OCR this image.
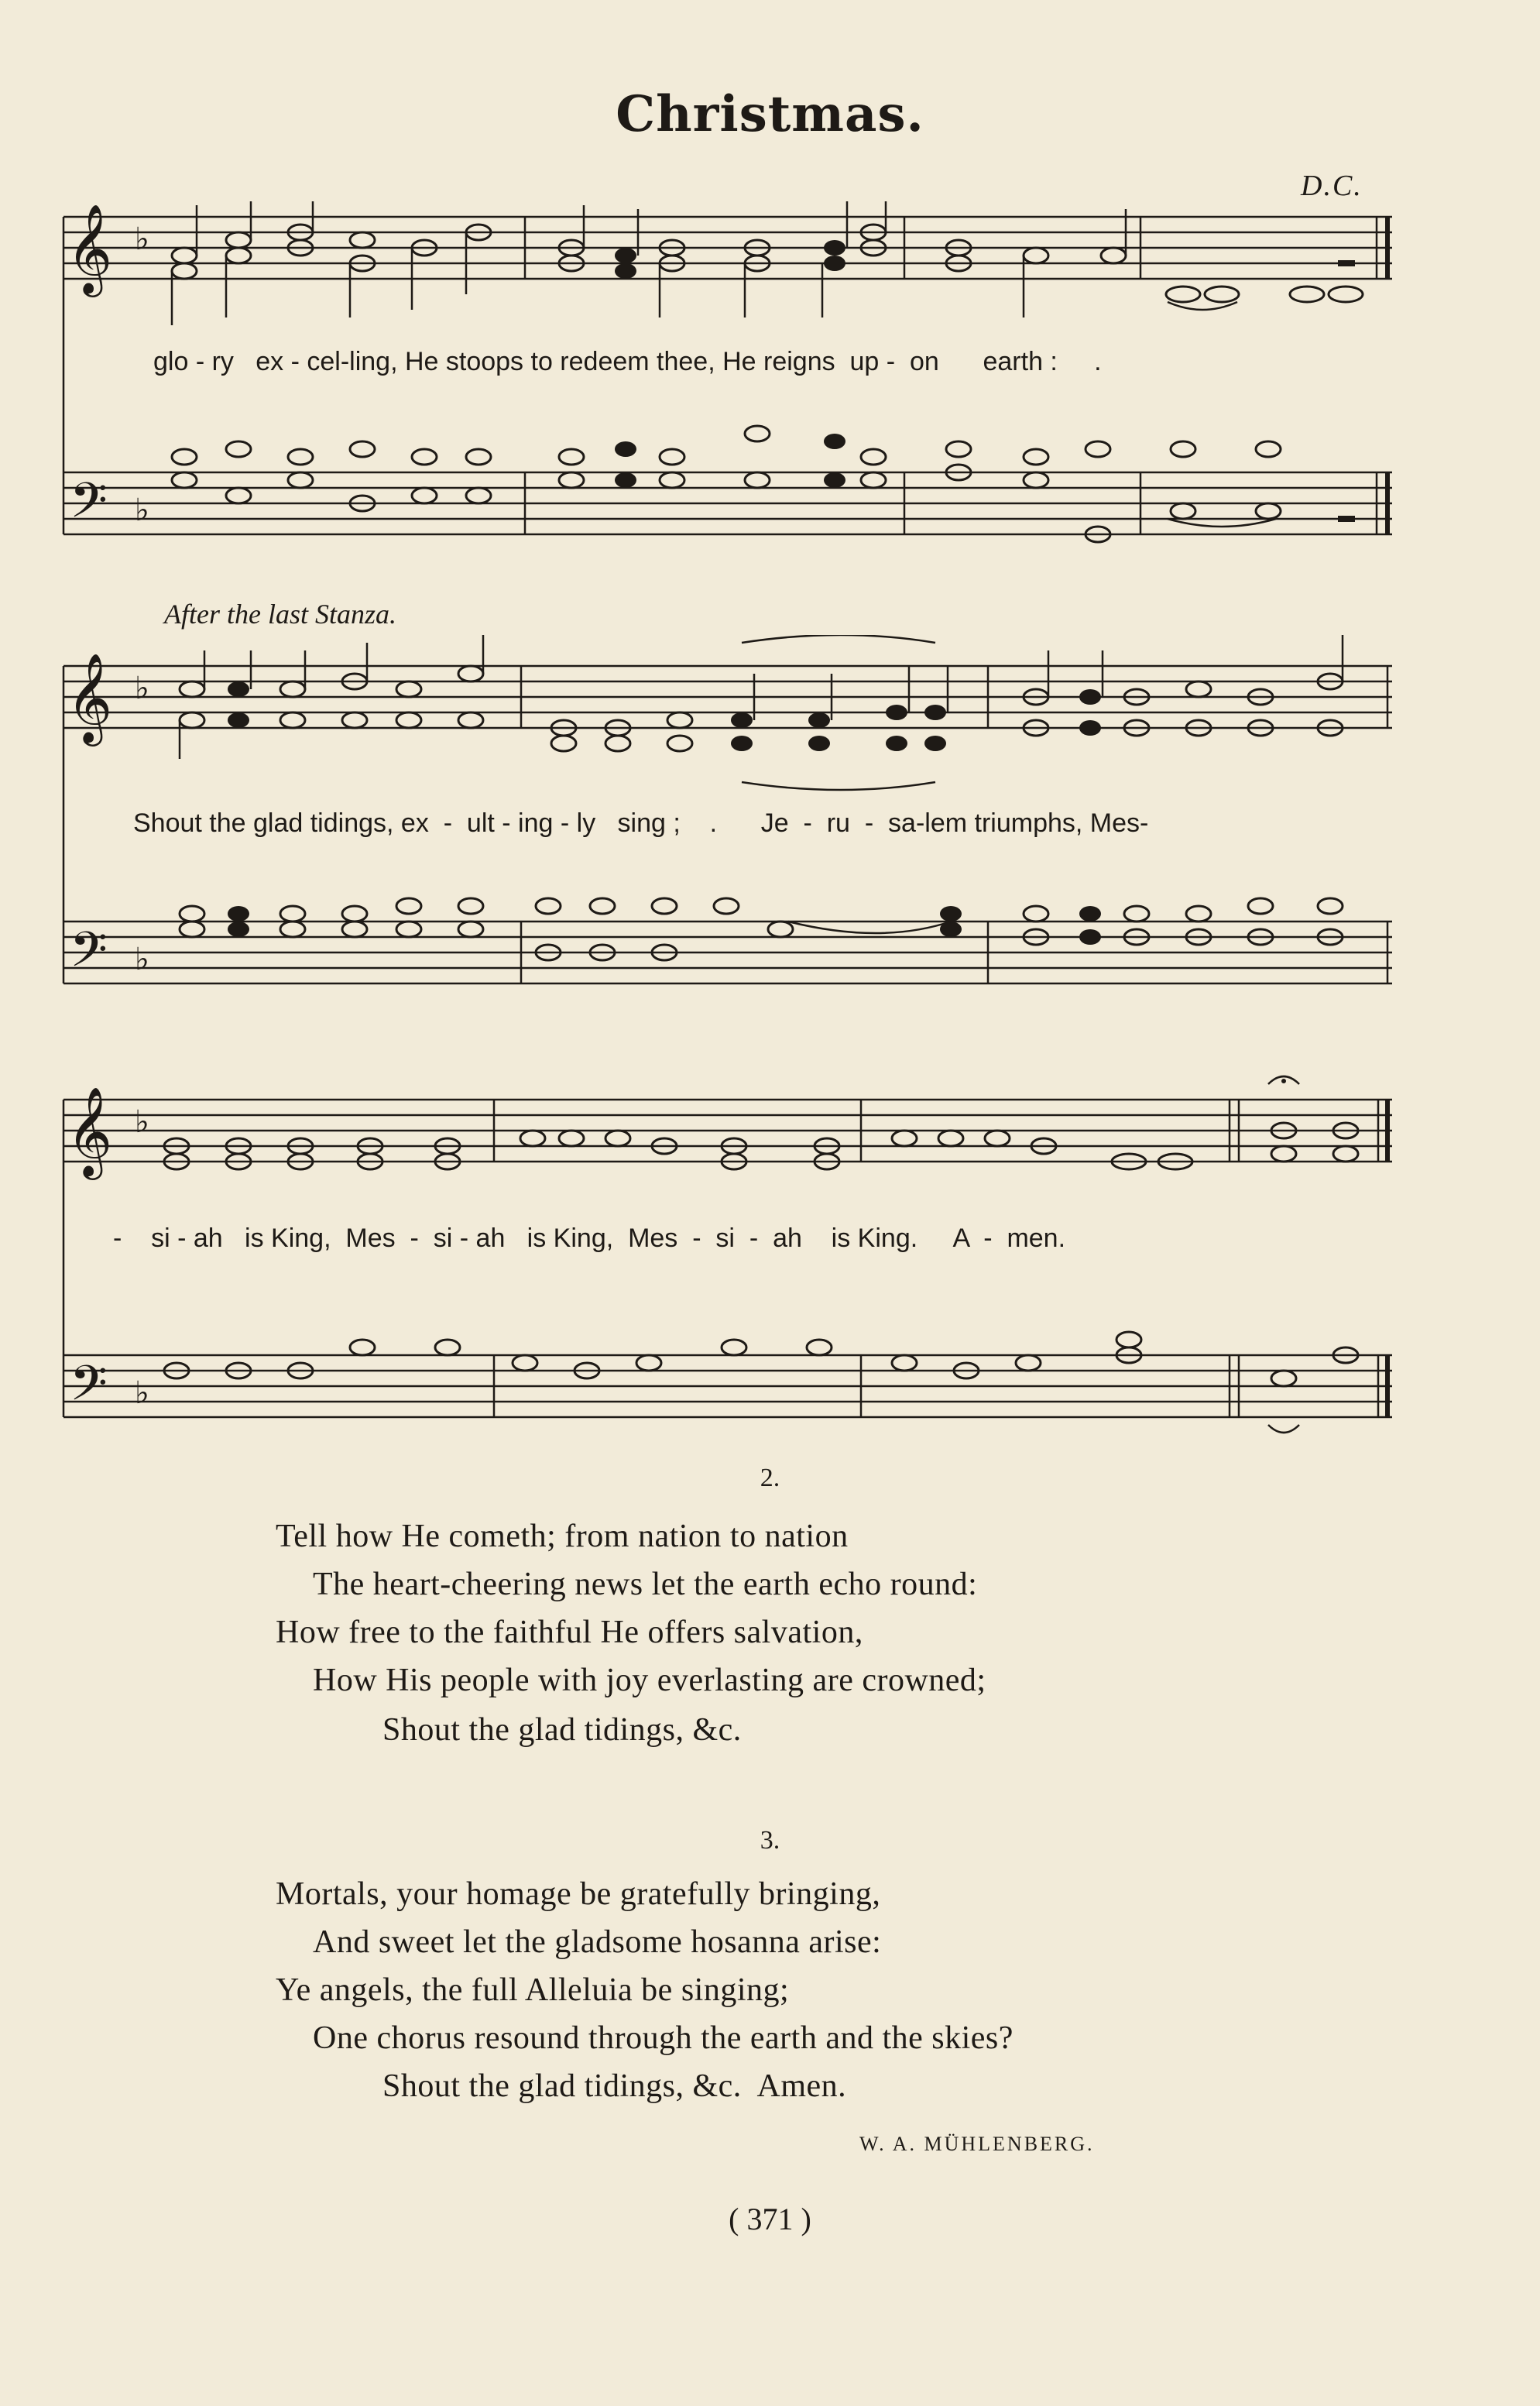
Christmas.
D.C.
𝄞
𝄢
♭
♭
glo - ry   ex - cel-ling, He stoops to redeem thee, He reigns  up -  on      earth :     .
After the last Stanza.
𝄞
𝄢
♭
♭
Shout the glad tidings, ex  -  ult - ing - ly   sing ;    .      Je  -  ru  -  sa-lem triumphs, Mes-
𝄞
𝄢
♭
♭
-    si - ah   is King,  Mes  -  si - ah   is King,  Mes  -  si  -  ah    is King.     A  -  men.
2.
Tell how He cometh; from nation to nation
The heart-cheering news let the earth echo round:
How free to the faithful He offers salvation,
How His people with joy everlasting are crowned;
Shout the glad tidings, &c.
3.
Mortals, your homage be gratefully bringing,
And sweet let the gladsome hosanna arise:
Ye angels, the full Alleluia be singing;
One chorus resound through the earth and the skies?
Shout the glad tidings, &c.  Amen.
W. A. MÜHLENBERG.
( 371 )
